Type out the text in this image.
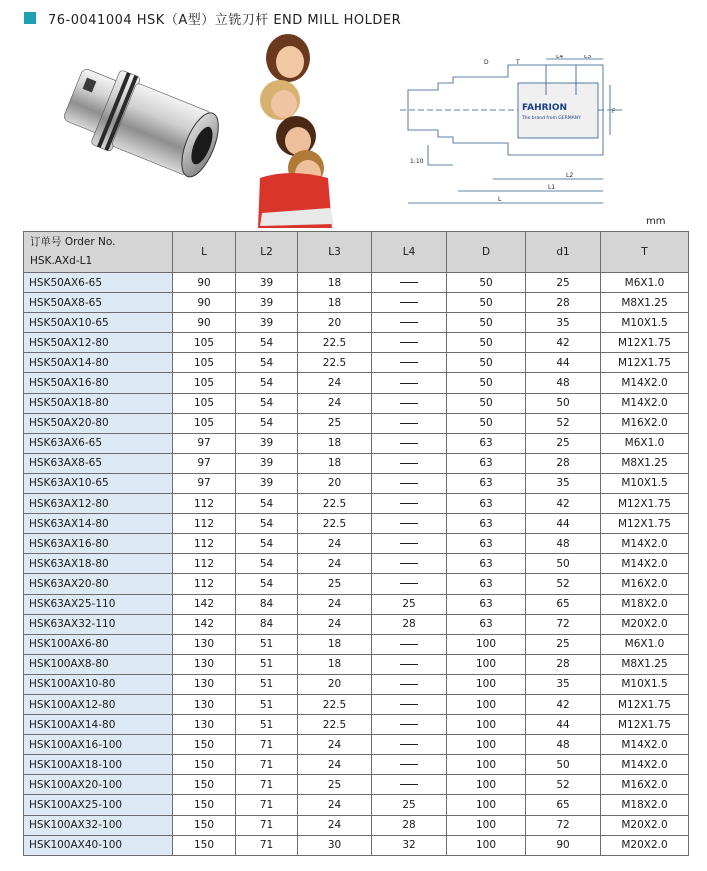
76-0041004 HSK（A型）立铣刀杆 END MILL HOLDER
FAHRION
The brand from GERMANY
D	T
L4	L3
P
L2
L1
L
1:10
mm
订单号 Order No.
HSK.AXd-L1	L	L2	L3	L4	D	d1	T
HSK50AX6-65	90	39	18		50	25	M6X1.0
HSK50AX8-65	90	39	18		50	28	M8X1.25
HSK50AX10-65	90	39	20		50	35	M10X1.5
HSK50AX12-80	105	54	22.5		50	42	M12X1.75
HSK50AX14-80	105	54	22.5		50	44	M12X1.75
HSK50AX16-80	105	54	24		50	48	M14X2.0
HSK50AX18-80	105	54	24		50	50	M14X2.0
HSK50AX20-80	105	54	25		50	52	M16X2.0
HSK63AX6-65	97	39	18		63	25	M6X1.0
HSK63AX8-65	97	39	18		63	28	M8X1.25
HSK63AX10-65	97	39	20		63	35	M10X1.5
HSK63AX12-80	112	54	22.5		63	42	M12X1.75
HSK63AX14-80	112	54	22.5		63	44	M12X1.75
HSK63AX16-80	112	54	24		63	48	M14X2.0
HSK63AX18-80	112	54	24		63	50	M14X2.0
HSK63AX20-80	112	54	25		63	52	M16X2.0
HSK63AX25-110	142	84	24	25	63	65	M18X2.0
HSK63AX32-110	142	84	24	28	63	72	M20X2.0
HSK100AX6-80	130	51	18		100	25	M6X1.0
HSK100AX8-80	130	51	18		100	28	M8X1.25
HSK100AX10-80	130	51	20		100	35	M10X1.5
HSK100AX12-80	130	51	22.5		100	42	M12X1.75
HSK100AX14-80	130	51	22.5		100	44	M12X1.75
HSK100AX16-100	150	71	24		100	48	M14X2.0
HSK100AX18-100	150	71	24		100	50	M14X2.0
HSK100AX20-100	150	71	25		100	52	M16X2.0
HSK100AX25-100	150	71	24	25	100	65	M18X2.0
HSK100AX32-100	150	71	24	28	100	72	M20X2.0
HSK100AX40-100	150	71	30	32	100	90	M20X2.0
